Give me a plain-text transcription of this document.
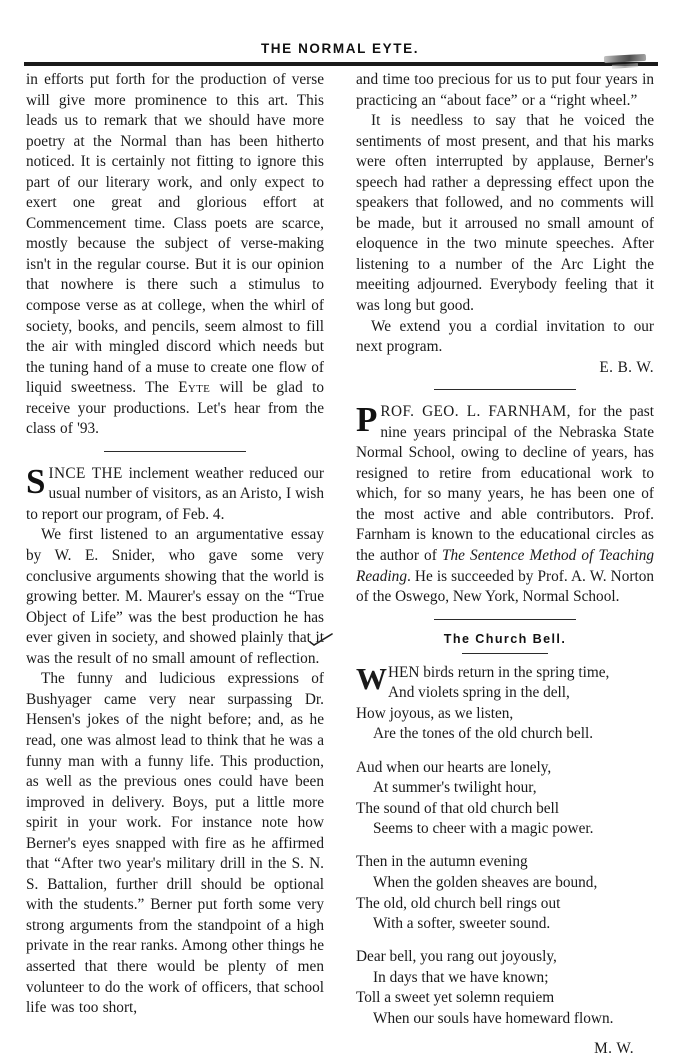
THE NORMAL EYTE.

in efforts put forth for the production of verse will give more prominence to this art. This leads us to remark that we should have more poetry at the Normal than has been hitherto noticed. It is certainly not fitting to ignore this part of our literary work, and only expect to exert one great and glorious effort at Commencement time. Class poets are scarce, mostly because the subject of verse-making isn't in the regular course. But it is our opinion that nowhere is there such a stimulus to compose verse as at college, when the whirl of society, books, and pencils, seem almost to fill the air with mingled discord which needs but the tuning hand of a muse to create one flow of liquid sweetness. The Eyte will be glad to receive your productions. Let's hear from the class of '93.

SINCE THE inclement weather reduced our usual number of visitors, as an Aristo, I wish to report our program, of Feb. 4.

We first listened to an argumentative essay by W. E. Snider, who gave some very conclusive arguments showing that the world is growing better. M. Maurer's essay on the “True Object of Life” was the best production he has ever given in society, and showed plainly that it was the result of no small amount of reflection.

The funny and ludicious expressions of Bushyager came very near surpassing Dr. Hensen's jokes of the night before; and, as he read, one was almost lead to think that he was a funny man with a funny life. This production, as well as the previous ones could have been improved in delivery. Boys, put a little more spirit in your work. For instance note how Berner's eyes snapped with fire as he affirmed that “After two year's military drill in the S. N. S. Battalion, further drill should be optional with the students.” Berner put forth some very strong arguments from the standpoint of a high private in the rear ranks. Among other things he asserted that there would be plenty of men volunteer to do the work of officers, that school life was too short,

and time too precious for us to put four years in practicing an “about face” or a “right wheel.”

It is needless to say that he voiced the sentiments of most present, and that his marks were often interrupted by applause, Berner's speech had rather a depressing effect upon the speakers that followed, and no comments will be made, but it arroused no small amount of eloquence in the two minute speeches. After listening to a number of the Arc Light the meeiting adjourned. Everybody feeling that it was long but good.

We extend you a cordial invitation to our next program.

E. B. W.
PROF. GEO. L. FARNHAM, for the past nine years principal of the Nebraska State Normal School, owing to decline of years, has resigned to retire from educational work to which, for so many years, he has been one of the most active and able contributors. Prof. Farnham is known to the educational circles as the author of The Sentence Method of Teaching Reading. He is succeeded by Prof. A. W. Norton of the Oswego, New York, Normal School.
The Church Bell.
WHEN birds return in the spring time,
And violets spring in the dell,
How joyous, as we listen,
Are the tones of the old church bell.
Aud when our hearts are lonely,
At summer's twilight hour,
The sound of that old church bell
Seems to cheer with a magic power.
Then in the autumn evening
When the golden sheaves are bound,
The old, old church bell rings out
With a softer, sweeter sound.
Dear bell, you rang out joyously,
In days that we have known;
Toll a sweet yet solemn requiem
When our souls have homeward flown.
M. W.
